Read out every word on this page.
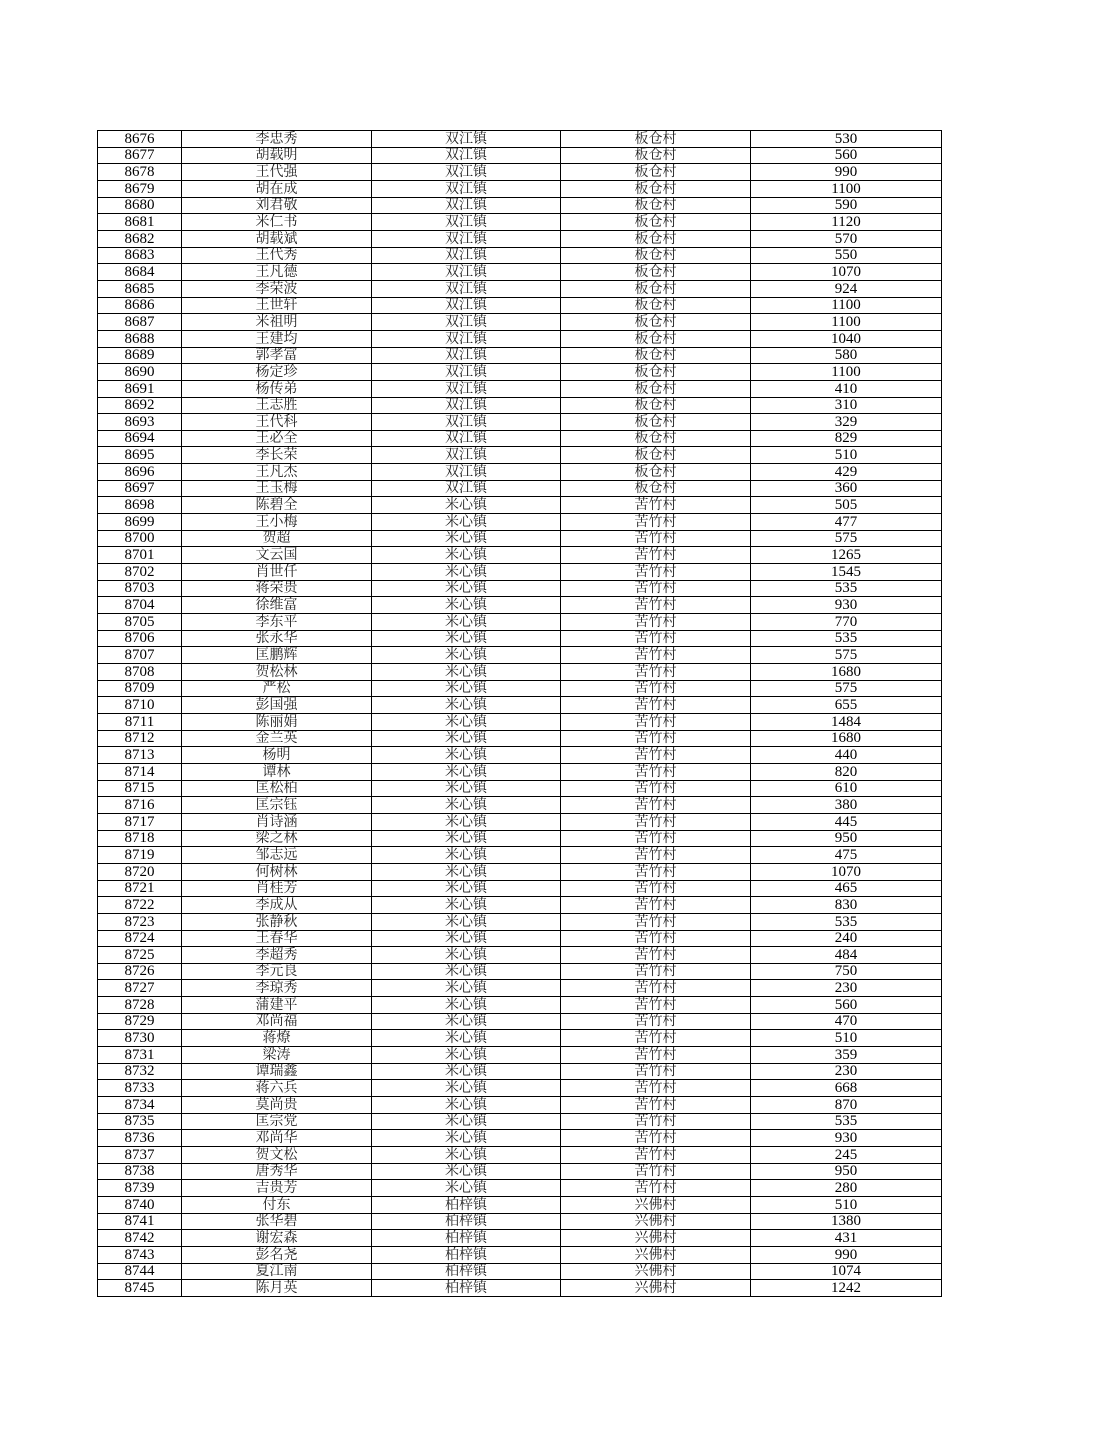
8676	李忠秀	双江镇	板仓村	530
8677	胡载明	双江镇	板仓村	560
8678	王代强	双江镇	板仓村	990
8679	胡在成	双江镇	板仓村	1100
8680	刘君敬	双江镇	板仓村	590
8681	米仁书	双江镇	板仓村	1120
8682	胡载斌	双江镇	板仓村	570
8683	王代秀	双江镇	板仓村	550
8684	王凡德	双江镇	板仓村	1070
8685	李荣波	双江镇	板仓村	924
8686	王世轩	双江镇	板仓村	1100
8687	米祖明	双江镇	板仓村	1100
8688	王建均	双江镇	板仓村	1040
8689	郭孝富	双江镇	板仓村	580
8690	杨定珍	双江镇	板仓村	1100
8691	杨传弟	双江镇	板仓村	410
8692	王志胜	双江镇	板仓村	310
8693	王代科	双江镇	板仓村	329
8694	王必全	双江镇	板仓村	829
8695	李长荣	双江镇	板仓村	510
8696	王凡杰	双江镇	板仓村	429
8697	王玉梅	双江镇	板仓村	360
8698	陈碧全	米心镇	苦竹村	505
8699	王小梅	米心镇	苦竹村	477
8700	贺超	米心镇	苦竹村	575
8701	文云国	米心镇	苦竹村	1265
8702	肖世仟	米心镇	苦竹村	1545
8703	蒋荣贵	米心镇	苦竹村	535
8704	徐维富	米心镇	苦竹村	930
8705	李东平	米心镇	苦竹村	770
8706	张永华	米心镇	苦竹村	535
8707	匡鹏辉	米心镇	苦竹村	575
8708	贺松林	米心镇	苦竹村	1680
8709	严松	米心镇	苦竹村	575
8710	彭国强	米心镇	苦竹村	655
8711	陈丽娟	米心镇	苦竹村	1484
8712	金兰英	米心镇	苦竹村	1680
8713	杨明	米心镇	苦竹村	440
8714	谭林	米心镇	苦竹村	820
8715	匡松柏	米心镇	苦竹村	610
8716	匡宗钰	米心镇	苦竹村	380
8717	肖诗涵	米心镇	苦竹村	445
8718	梁之林	米心镇	苦竹村	950
8719	邹志远	米心镇	苦竹村	475
8720	何树林	米心镇	苦竹村	1070
8721	肖桂芳	米心镇	苦竹村	465
8722	李成从	米心镇	苦竹村	830
8723	张静秋	米心镇	苦竹村	535
8724	王春华	米心镇	苦竹村	240
8725	李超秀	米心镇	苦竹村	484
8726	李元良	米心镇	苦竹村	750
8727	李琼秀	米心镇	苦竹村	230
8728	蒲建平	米心镇	苦竹村	560
8729	邓尚福	米心镇	苦竹村	470
8730	蒋燎	米心镇	苦竹村	510
8731	梁涛	米心镇	苦竹村	359
8732	谭瑞鑫	米心镇	苦竹村	230
8733	蒋六兵	米心镇	苦竹村	668
8734	莫尚贵	米心镇	苦竹村	870
8735	匡宗党	米心镇	苦竹村	535
8736	邓尚华	米心镇	苦竹村	930
8737	贺文松	米心镇	苦竹村	245
8738	唐秀华	米心镇	苦竹村	950
8739	吉贵芳	米心镇	苦竹村	280
8740	付东	柏梓镇	兴佛村	510
8741	张华碧	柏梓镇	兴佛村	1380
8742	谢宏森	柏梓镇	兴佛村	431
8743	彭名尧	柏梓镇	兴佛村	990
8744	夏江南	柏梓镇	兴佛村	1074
8745	陈月英	柏梓镇	兴佛村	1242
